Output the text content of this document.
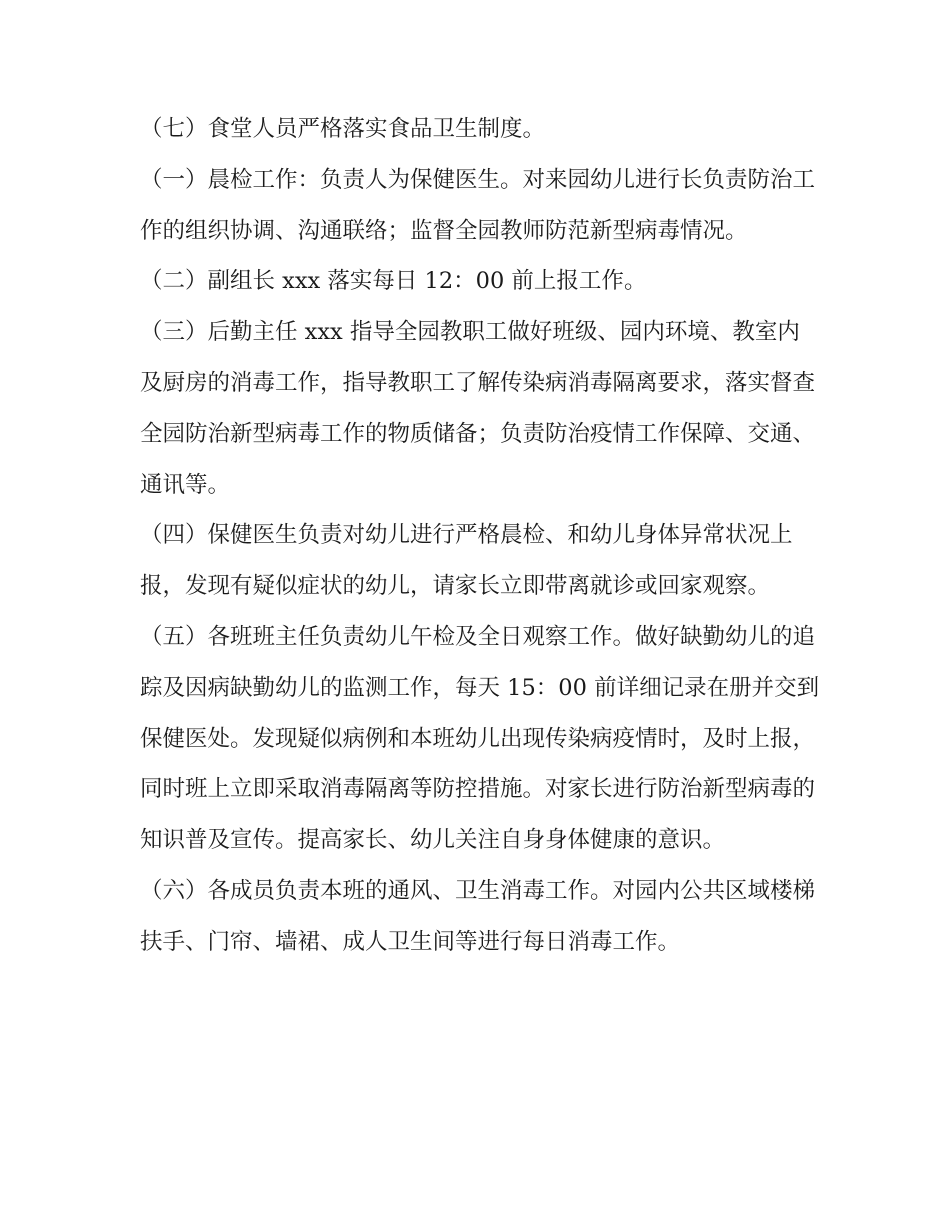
（七）食堂人员严格落实食品卫生制度。

（一）晨检工作：负责人为保健医生。对来园幼儿进行长负责防治工作的组织协调、沟通联络；监督全园教师防范新型病毒情况。

（二）副组长 xxx 落实每日 12：00 前上报工作。

（三）后勤主任 xxx 指导全园教职工做好班级、园内环境、教室内及厨房的消毒工作，指导教职工了解传染病消毒隔离要求，落实督查全园防治新型病毒工作的物质储备；负责防治疫情工作保障、交通、通讯等。

（四）保健医生负责对幼儿进行严格晨检、和幼儿身体异常状况上报，发现有疑似症状的幼儿，请家长立即带离就诊或回家观察。

（五）各班班主任负责幼儿午检及全日观察工作。做好缺勤幼儿的追踪及因病缺勤幼儿的监测工作，每天 15：00 前详细记录在册并交到保健医处。发现疑似病例和本班幼儿出现传染病疫情时，及时上报，同时班上立即采取消毒隔离等防控措施。对家长进行防治新型病毒的知识普及宣传。提高家长、幼儿关注自身身体健康的意识。

（六）各成员负责本班的通风、卫生消毒工作。对园内公共区域楼梯扶手、门帘、墙裙、成人卫生间等进行每日消毒工作。
